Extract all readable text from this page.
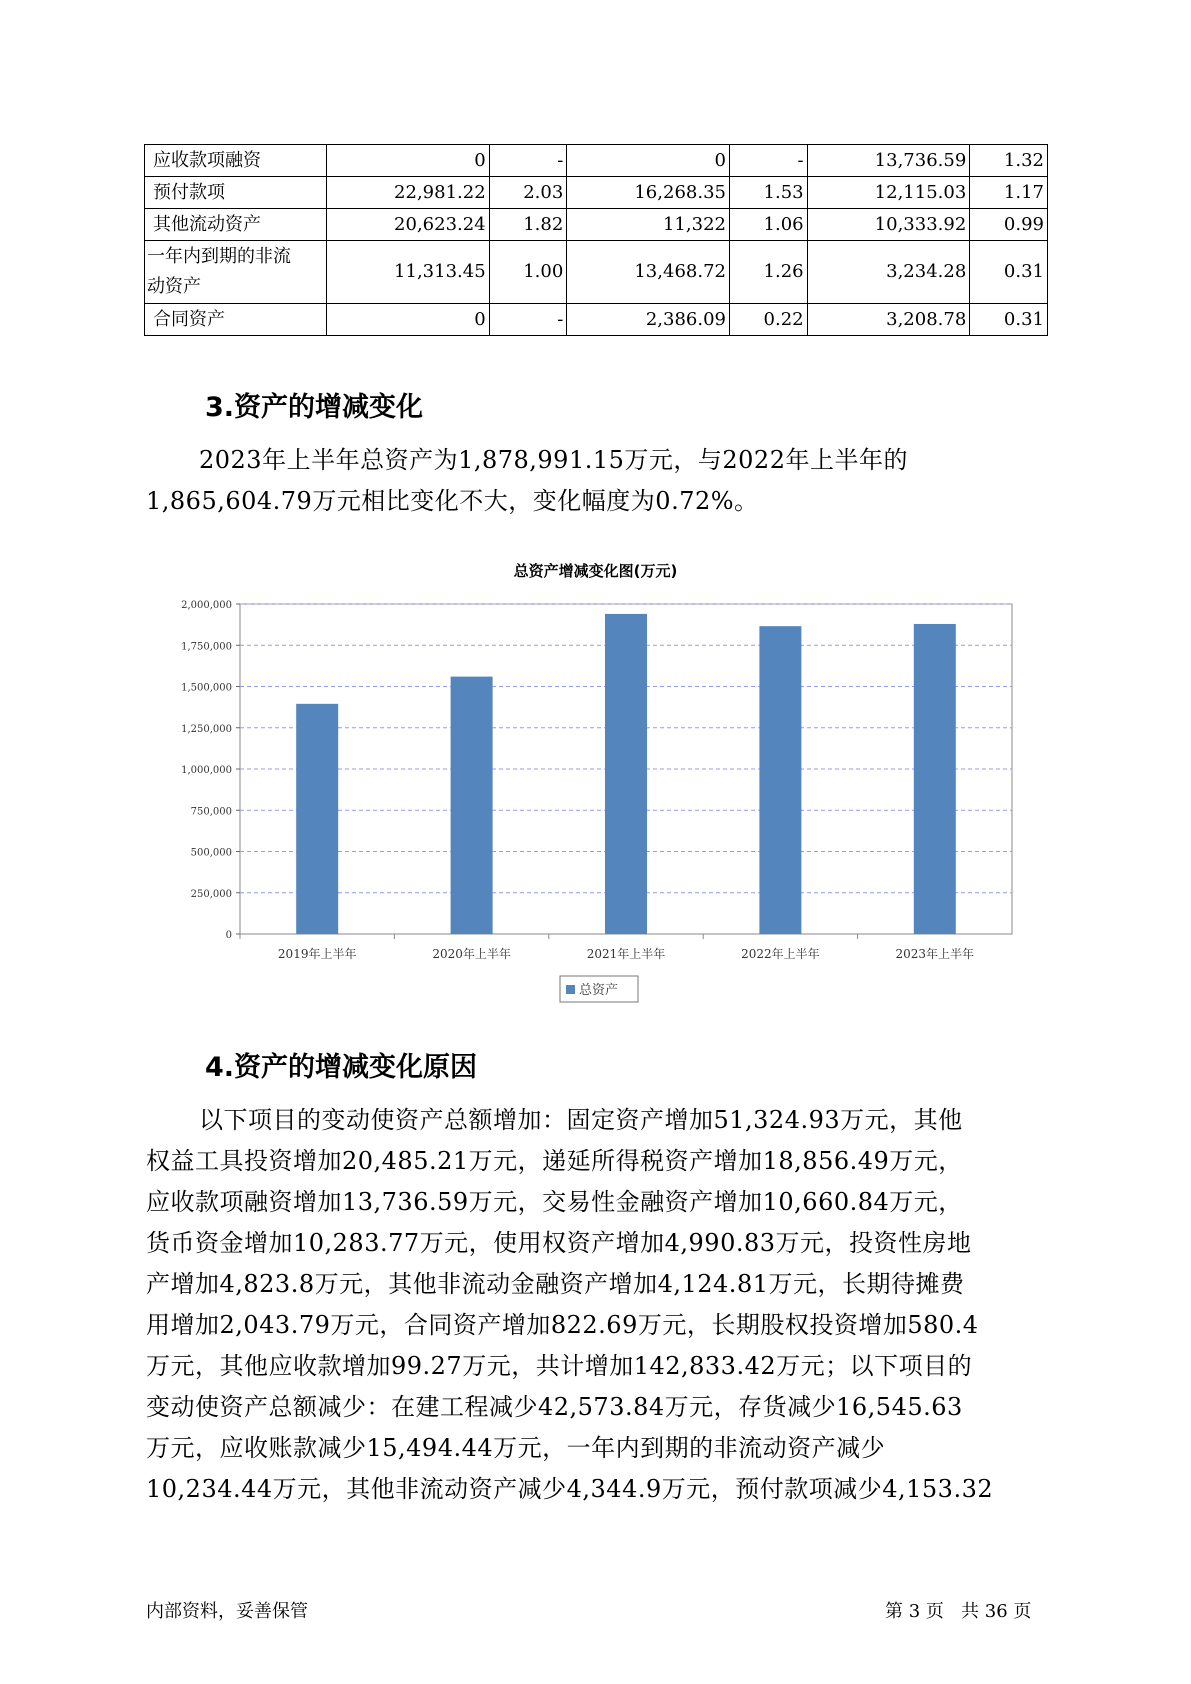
应收款项融资	0	-	0	-	13,736.59	1.32
预付款项	22,981.22	2.03	16,268.35	1.53	12,115.03	1.17
其他流动资产	20,623.24	1.82	11,322	1.06	10,333.92	0.99

一年内到期的非流
动资产	11,313.45	1.00	13,468.72	1.26	3,234.28	0.31
合同资产	0	-	2,386.09	0.22	3,208.78	0.31
3.资产的增减变化

2023年上半年总资产为1,878,991.15万元，与2022年上半年的

1,865,604.79万元相比变化不大，变化幅度为0.72%。

总资产增减变化图(万元)
0
250,000
500,000
750,000
1,000,000
1,250,000
1,500,000
1,750,000
2,000,000
2019年上半年	2020年上半年	2021年上半年	2022年上半年	2023年上半年
总资产
4.资产的增减变化原因

以下项目的变动使资产总额增加：固定资产增加51,324.93万元，其他

权益工具投资增加20,485.21万元，递延所得税资产增加18,856.49万元，

应收款项融资增加13,736.59万元，交易性金融资产增加10,660.84万元，

货币资金增加10,283.77万元，使用权资产增加4,990.83万元，投资性房地

产增加4,823.8万元，其他非流动金融资产增加4,124.81万元，长期待摊费

用增加2,043.79万元，合同资产增加822.69万元，长期股权投资增加580.4

万元，其他应收款增加99.27万元，共计增加142,833.42万元；以下项目的

变动使资产总额减少：在建工程减少42,573.84万元，存货减少16,545.63

万元，应收账款减少15,494.44万元，一年内到期的非流动资产减少

10,234.44万元，其他非流动资产减少4,344.9万元，预付款项减少4,153.32

内部资料，妥善保管	第 3 页   共 36 页
